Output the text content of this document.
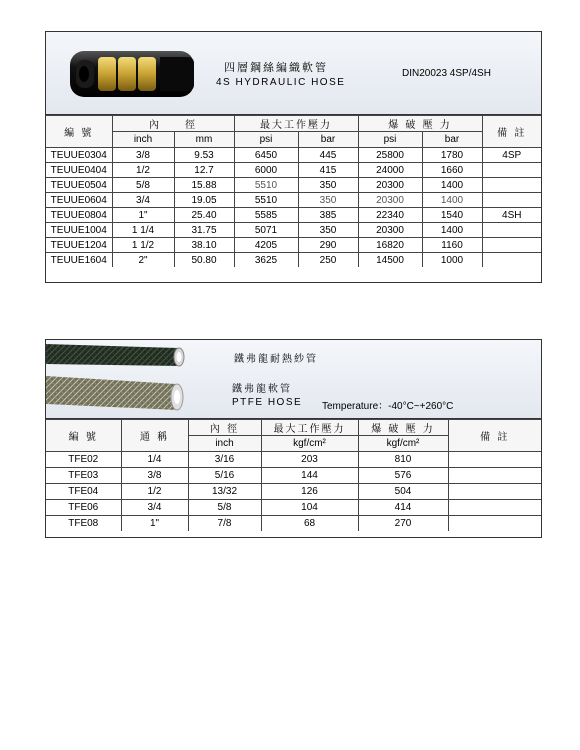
四層鋼絲編織軟管
4S HYDRAULIC HOSE
DIN20023 4SP/4SH
編 號	內　　徑		最大工作壓力		爆 破 壓 力		備 註
	inch	mm	psi	bar	psi	bar	
TEUUE0304	3/8	9.53	6450	445	25800	1780	4SP
TEUUE0404	1/2	12.7	6000	415	24000	1660	
TEUUE0504	5/8	15.88	5510	350	20300	1400	
TEUUE0604	3/4	19.05	5510	350	20300	1400	
TEUUE0804	1"	25.40	5585	385	22340	1540	4SH
TEUUE1004	1 1/4	31.75	5071	350	20300	1400	
TEUUE1204	1 1/2	38.10	4205	290	16820	1160	
TEUUE1604	2"	50.80	3625	250	14500	1000	
鐵弗龍耐熱紗管
鐵弗龍軟管
PTFE HOSE Temperature：-40°C~+260°C
編 號	通 稱	內 徑	最大工作壓力	爆 破 壓 力	備 註
		inch	kgf/cm²	kgf/cm²	
TFE02	1/4	3/16	203	810	
TFE03	3/8	5/16	144	576	
TFE04	1/2	13/32	126	504	
TFE06	3/4	5/8	104	414	
TFE08	1"	7/8	68	270	
